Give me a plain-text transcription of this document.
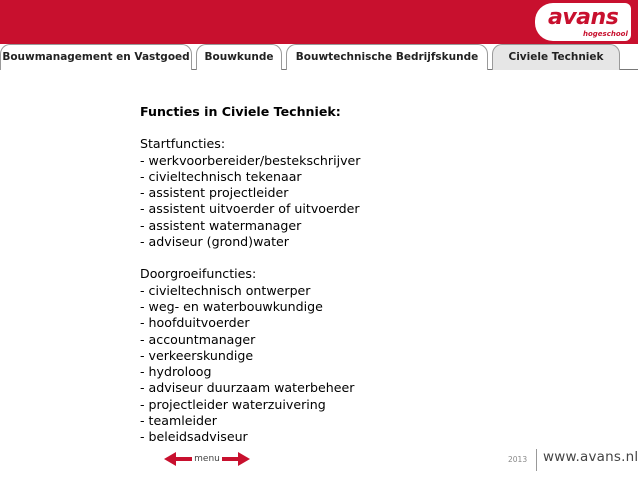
avans
hogeschool
Bouwmanagement en Vastgoed	Bouwkunde	Bouwtechnische Bedrijfskunde	Civiele Techniek
Functies in Civiele Techniek:
Startfuncties:
- werkvoorbereider/bestekschrijver
- civieltechnisch tekenaar
- assistent projectleider
- assistent uitvoerder of uitvoerder
- assistent watermanager
- adviseur (grond)water
Doorgroeifuncties:
- civieltechnisch ontwerper
- weg- en waterbouwkundige
- hoofduitvoerder
- accountmanager
- verkeerskundige
- hydroloog
- adviseur duurzaam waterbeheer
- projectleider waterzuivering
- teamleider
- beleidsadviseur
menu	2013 www.avans.nl
